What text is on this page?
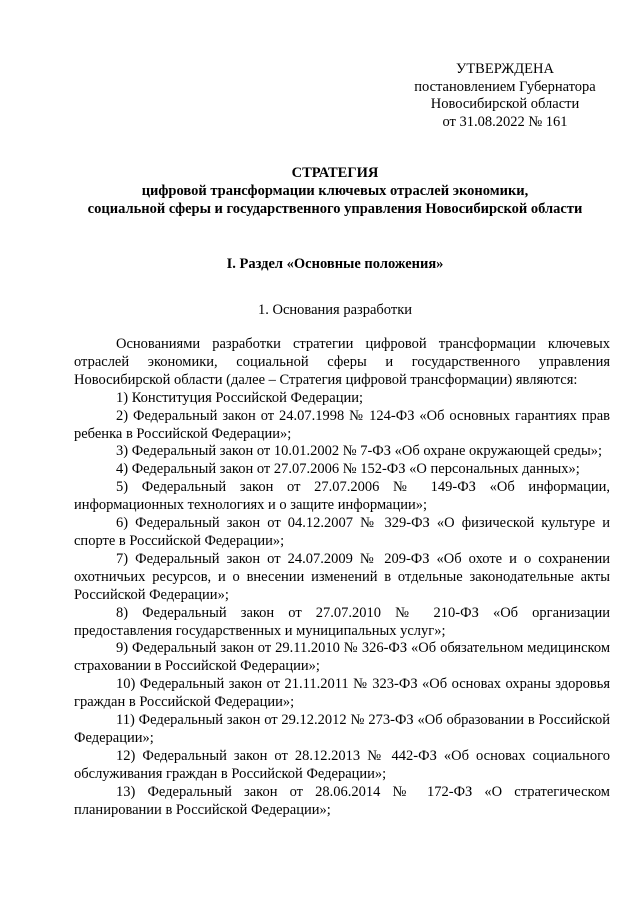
УТВЕРЖДЕНА
постановлением Губернатора
Новосибирской области
от 31.08.2022 № 161
СТРАТЕГИЯ
цифровой трансформации ключевых отраслей экономики,
социальной сферы и государственного управления Новосибирской области
I. Раздел «Основные положения»
1. Основания разработки

Основаниями разработки стратегии цифровой трансформации ключевых отраслей экономики, социальной сферы и государственного управления Новосибирской области (далее – Стратегия цифровой трансформации) являются:

1) Конституция Российской Федерации;

2) Федеральный закон от 24.07.1998 № 124-ФЗ «Об основных гарантиях прав ребенка в Российской Федерации»;

3) Федеральный закон от 10.01.2002 № 7-ФЗ «Об охране окружающей среды»;

4) Федеральный закон от 27.07.2006 № 152-ФЗ «О персональных данных»;

5) Федеральный закон от 27.07.2006 № 149-ФЗ «Об информации, информационных технологиях и о защите информации»;

6) Федеральный закон от 04.12.2007 № 329-ФЗ «О физической культуре и спорте в Российской Федерации»;

7) Федеральный закон от 24.07.2009 № 209-ФЗ «Об охоте и о сохранении охотничьих ресурсов, и о внесении изменений в отдельные законодательные акты Российской Федерации»;

8) Федеральный закон от 27.07.2010 № 210-ФЗ «Об организации предоставления государственных и муниципальных услуг»;

9) Федеральный закон от 29.11.2010 № 326-ФЗ «Об обязательном медицинском страховании в Российской Федерации»;

10) Федеральный закон от 21.11.2011 № 323-ФЗ «Об основах охраны здоровья граждан в Российской Федерации»;

11) Федеральный закон от 29.12.2012 № 273-ФЗ «Об образовании в Российской Федерации»;

12) Федеральный закон от 28.12.2013 № 442-ФЗ «Об основах социального обслуживания граждан в Российской Федерации»;

13) Федеральный закон от 28.06.2014 № 172-ФЗ «О стратегическом планировании в Российской Федерации»;
